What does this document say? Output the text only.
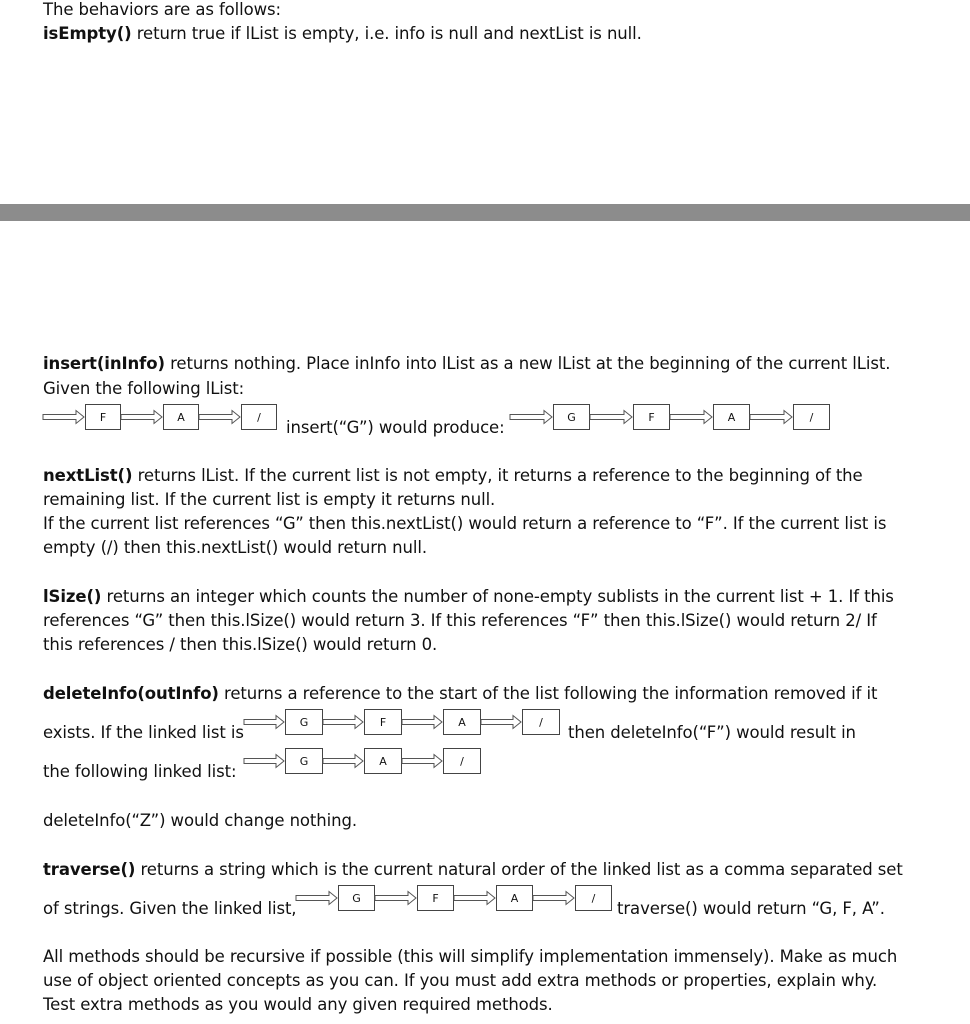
The behaviors are as follows:
isEmpty() return true if lList is empty, i.e. info is null and nextList is null.
insert(inInfo) returns nothing. Place inInfo into lList as a new lList at the beginning of the current lList.
Given the following lList:
insert(“G”) would produce:
nextList() returns lList. If the current list is not empty, it returns a reference to the beginning of the
remaining list. If the current list is empty it returns null.
If the current list references “G” then this.nextList() would return a reference to “F”. If the current list is
empty (/) then this.nextList() would return null.
lSize() returns an integer which counts the number of none-empty sublists in the current list + 1. If this
references “G” then this.lSize() would return 3. If this references “F” then this.lSize() would return 2/ If
this references / then this.lSize() would return 0.
deleteInfo(outInfo) returns a reference to the start of the list following the information removed if it
exists. If the linked list is	then deleteInfo(“F”) would result in
the following linked list:
deleteInfo(“Z”) would change nothing.
traverse() returns a string which is the current natural order of the linked list as a comma separated set
of strings. Given the linked list,	traverse() would return “G, F, A”.
All methods should be recursive if possible (this will simplify implementation immensely). Make as much
use of object oriented concepts as you can. If you must add extra methods or properties, explain why.
Test extra methods as you would any given required methods.
F	A	/	G	F	A	/
G	F	A	/
G	A	/
G	F	A	/
